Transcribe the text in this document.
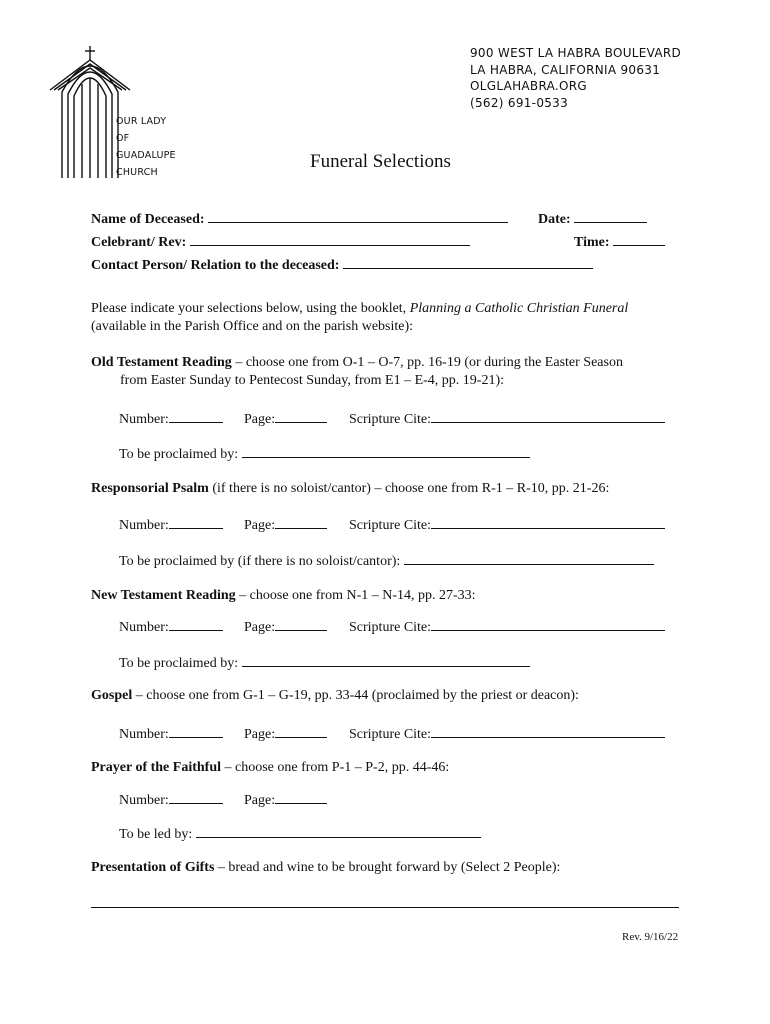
OUR LADY
OF
GUADALUPE
CHURCH
900 WEST LA HABRA BOULEVARD
LA HABRA, CALIFORNIA 90631
OLGLAHABRA.ORG
(562) 691-0533
Funeral Selections
Name of Deceased:	Date:
Celebrant/ Rev:	Time:
Contact Person/ Relation to the deceased:
Please indicate your selections below, using the booklet, Planning a Catholic Christian Funeral
(available in the Parish Office and on the parish website):
Old Testament Reading – choose one from O-1 – O-7, pp. 16-19 (or during the Easter Season
from Easter Sunday to Pentecost Sunday, from E1 – E-4, pp. 19-21):
Number:	Page:	Scripture Cite:
To be proclaimed by:
Responsorial Psalm (if there is no soloist/cantor) – choose one from R-1 – R-10, pp. 21-26:
Number:	Page:	Scripture Cite:
To be proclaimed by (if there is no soloist/cantor):
New Testament Reading – choose one from N-1 – N-14, pp. 27-33:
Number:	Page:	Scripture Cite:
To be proclaimed by:
Gospel – choose one from G-1 – G-19, pp. 33-44 (proclaimed by the priest or deacon):
Number:	Page:	Scripture Cite:
Prayer of the Faithful – choose one from P-1 – P-2, pp. 44-46:
Number:	Page:
To be led by:
Presentation of Gifts – bread and wine to be brought forward by (Select 2 People):
Rev. 9/16/22
